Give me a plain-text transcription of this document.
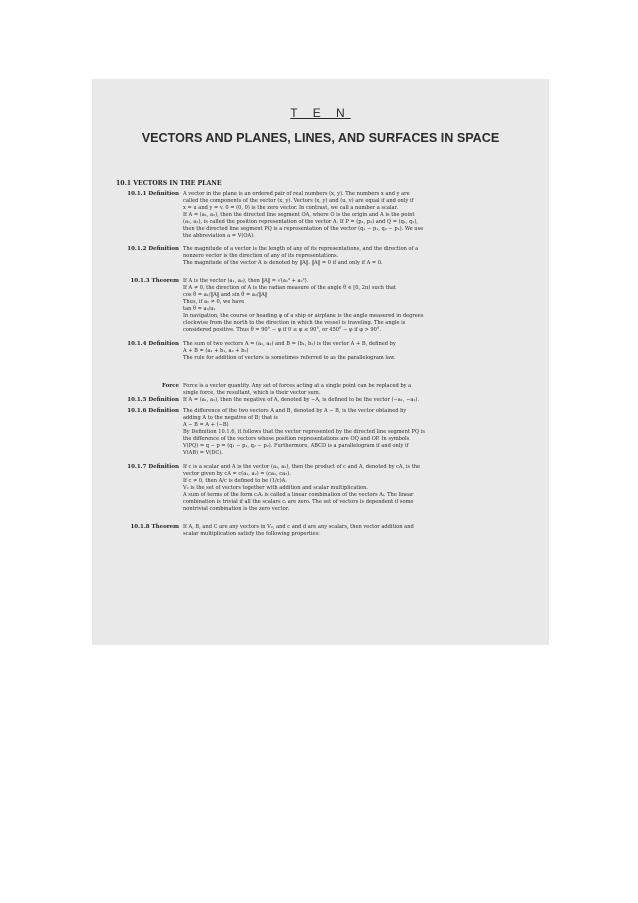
T E N
VECTORS AND PLANES, LINES, AND SURFACES IN SPACE
10.1 VECTORS IN THE PLANE
10.1.1 Definition A vector in the plane is an ordered pair of real numbers (x, y). The numbers x and y are
called the components of the vector (x, y). Vectors (x, y) and (u, v) are equal if and only if
x = u and y = v. 0 = (0, 0) is the zero vector. In contrast, we call a number a scalar.
If A = (a₁, a₂), then the directed line segment OA, where O is the origin and A is the point
(a₁, a₂), is called the position representation of the vector A. If P = (p₁, p₂) and Q = (q₁, q₂),
then the directed line segment PQ is a representation of the vector (q₁ − p₁, q₂ − p₂). We use
the abbreviation a = V(OA).
10.1.2 Definition The magnitude of a vector is the length of any of its representations, and the direction of a
nonzero vector is the direction of any of its representations.
The magnitude of the vector A is denoted by ‖A‖. ‖A‖ = 0 if and only if A = 0.
10.1.3 Theorem If A is the vector (a₁, a₂), then ‖A‖ = √(a₁² + a₂²).
If A ≠ 0, the direction of A is the radian measure of the angle θ ∈ [0, 2π) such that
cos θ = a₁/‖A‖ and sin θ = a₂/‖A‖
Thus, if a₁ ≠ 0, we have
tan θ = a₂/a₁
In navigation, the course or heading φ of a ship or airplane is the angle measured in degrees
clockwise from the north to the direction in which the vessel is traveling. The angle is
considered positive. Thus θ = 90° − φ if 0 ≤ φ ≤ 90°, or 450° − φ if φ > 90°.
10.1.4 Definition The sum of two vectors A = (a₁, a₂) and B = (b₁, b₂) is the vector A + B, defined by
A + B = (a₁ + b₁, a₂ + b₂)
The rule for addition of vectors is sometimes referred to as the parallelogram law.
Force Force is a vector quantity. Any set of forces acting at a single point can be replaced by a
single force, the resultant, which is their vector sum.
10.1.5 Definition If A = (a₁, a₂), then the negative of A, denoted by −A, is defined to be the vector (−a₁, −a₂).
10.1.6 Definition The difference of the two vectors A and B, denoted by A − B, is the vector obtained by
adding A to the negative of B; that is
A − B = A + (−B)
By Definition 10.1.6, it follows that the vector represented by the directed line segment PQ is
the difference of the vectors whose position representations are OQ and OP. In symbols
V(PQ) = q − p = (q₁ − p₁, q₂ − p₂). Furthermore, ABCD is a parallelogram if and only if
V(AB) = V(DC).
10.1.7 Definition If c is a scalar and A is the vector (a₁, a₂), then the product of c and A, denoted by cA, is the
vector given by cA = c(a₁, a₂) = (ca₁, ca₂).
If c ≠ 0, then A/c is defined to be (1/c)A.
V₂ is the set of vectors together with addition and scalar multiplication.
A sum of terms of the form cᵢAᵢ is called a linear combination of the vectors Aᵢ. The linear
combination is trivial if all the scalars cᵢ are zero. The set of vectors is dependent if some
nontrivial combination is the zero vector.
10.1.8 Theorem If A, B, and C are any vectors in V₂, and c and d are any scalars, then vector addition and
scalar multiplication satisfy the following properties:
